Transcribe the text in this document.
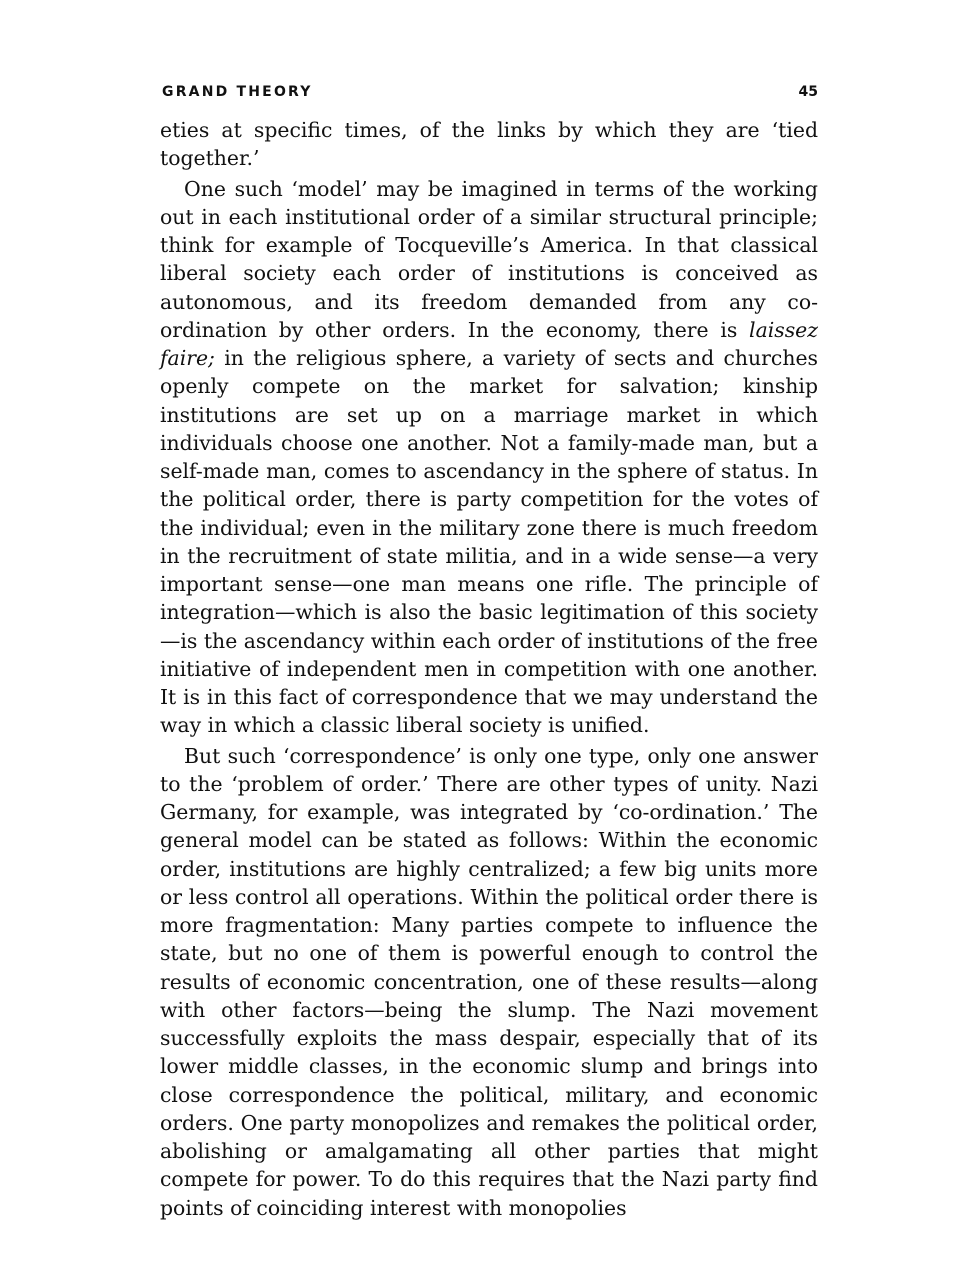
GRAND THEORY	45

eties at specific times, of the links by which they are ‘tied together.’

One such ‘model’ may be imagined in terms of the working out in each institutional order of a similar structural principle; think for example of Tocqueville’s America. In that classical liberal society each order of institutions is conceived as autonomous, and its freedom demanded from any co-ordination by other orders. In the economy, there is laissez faire; in the religious sphere, a variety of sects and churches openly compete on the market for salvation; kinship institutions are set up on a marriage market in which individuals choose one another. Not a family-made man, but a self-made man, comes to ascendancy in the sphere of status. In the political order, there is party competition for the votes of the individual; even in the military zone there is much freedom in the recruitment of state militia, and in a wide sense—a very important sense—one man means one rifle. The principle of integration—which is also the basic legitimation of this society—is the ascendancy within each order of institutions of the free initiative of independent men in competition with one another. It is in this fact of correspondence that we may understand the way in which a classic liberal society is unified.

But such ‘correspondence’ is only one type, only one answer to the ‘problem of order.’ There are other types of unity. Nazi Germany, for example, was integrated by ‘co-ordination.’ The general model can be stated as follows: Within the economic order, institutions are highly centralized; a few big units more or less control all operations. Within the political order there is more fragmentation: Many parties compete to influence the state, but no one of them is powerful enough to control the results of economic concentration, one of these results—along with other factors—being the slump. The Nazi movement successfully exploits the mass despair, especially that of its lower middle classes, in the economic slump and brings into close correspondence the political, military, and economic orders. One party monopolizes and remakes the political order, abolishing or amalgamating all other parties that might compete for power. To do this requires that the Nazi party find points of coinciding interest with monopolies
